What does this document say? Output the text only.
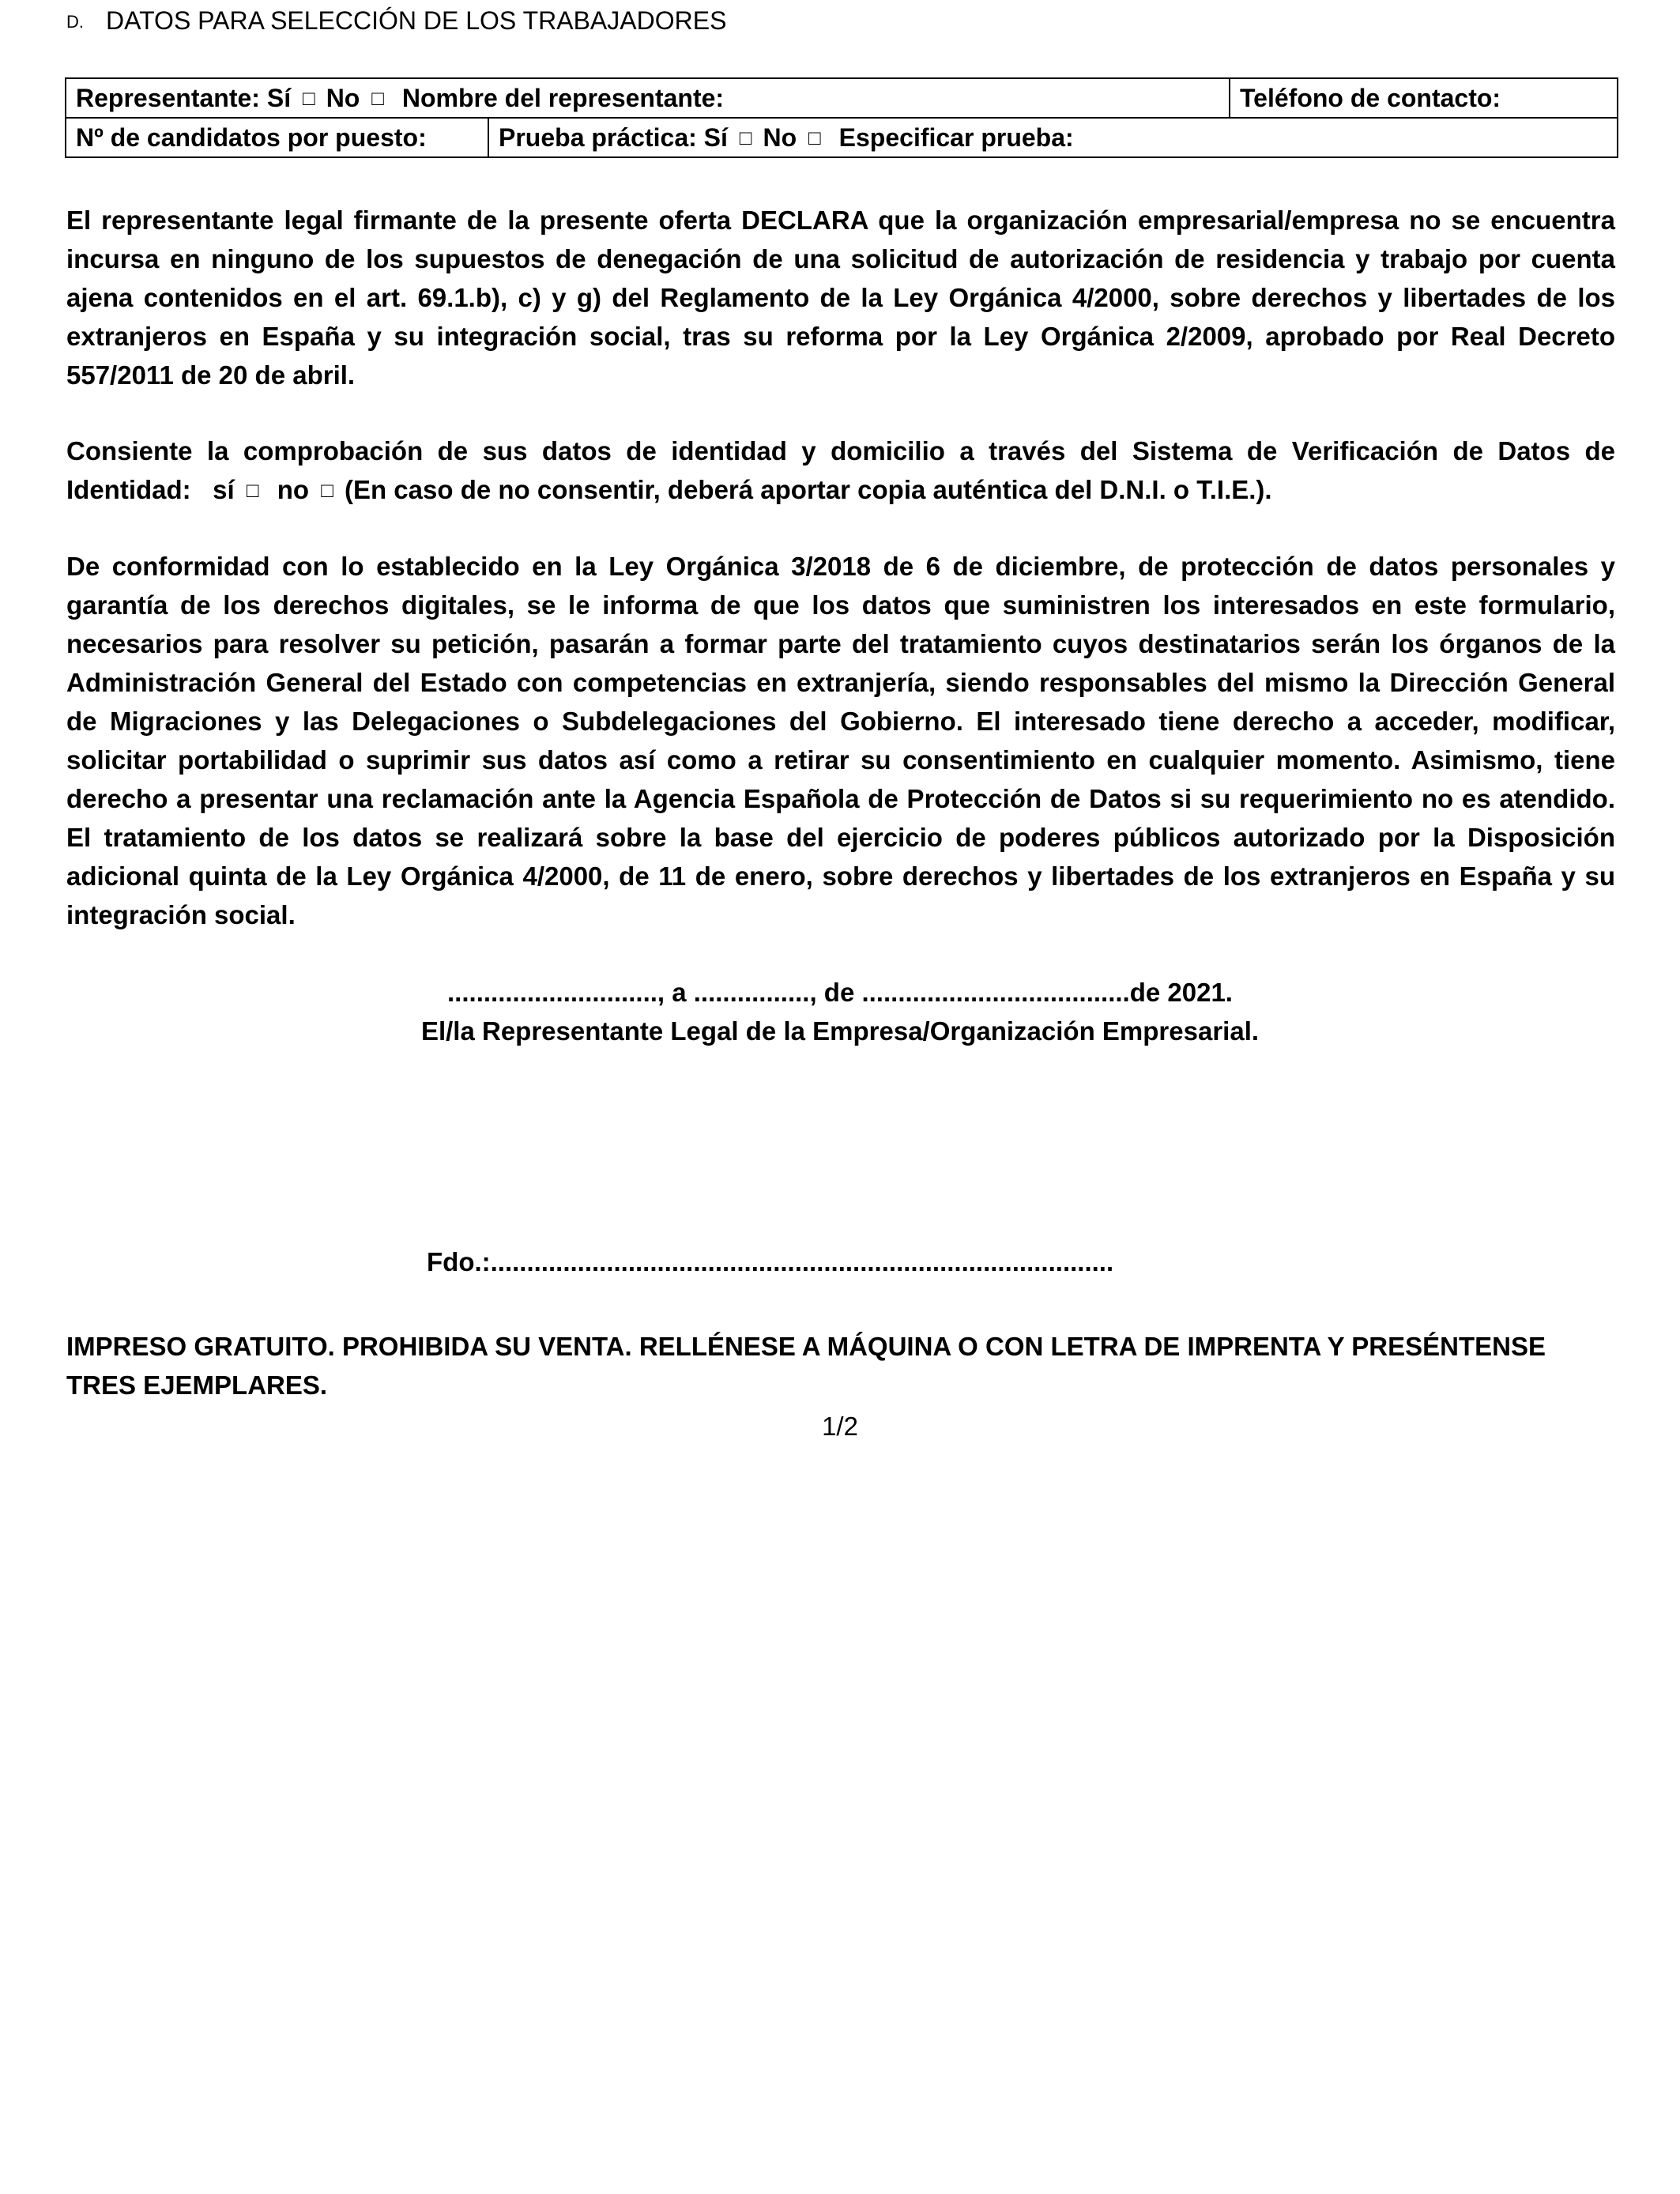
D. DATOS PARA SELECCIÓN DE LOS TRABAJADORES
Representante: Sí □ No □ Nombre del representante:		Teléfono de contacto:
Nº de candidatos por puesto:	Prueba práctica: Sí □ No □ Especificar prueba:	

El representante legal firmante de la presente oferta DECLARA que la organización empresarial/empresa no se encuentra incursa en ninguno de los supuestos de denegación de una solicitud de autorización de residencia y trabajo por cuenta ajena contenidos en el art. 69.1.b), c) y g) del Reglamento de la Ley Orgánica 4/2000, sobre derechos y libertades de los extranjeros en España y su integración social, tras su reforma por la Ley Orgánica 2/2009, aprobado por Real Decreto 557/2011 de 20 de abril.

Consiente la comprobación de sus datos de identidad y domicilio a través del Sistema de Verificación de Datos de Identidad: sí □ no □ (En caso de no consentir, deberá aportar copia auténtica del D.N.I. o T.I.E.).

De conformidad con lo establecido en la Ley Orgánica 3/2018 de 6 de diciembre, de protección de datos personales y garantía de los derechos digitales, se le informa de que los datos que suministren los interesados en este formulario, necesarios para resolver su petición, pasarán a formar parte del tratamiento cuyos destinatarios serán los órganos de la Administración General del Estado con competencias en extranjería, siendo responsables del mismo la Dirección General de Migraciones y las Delegaciones o Subdelegaciones del Gobierno. El interesado tiene derecho a acceder, modificar, solicitar portabilidad o suprimir sus datos así como a retirar su consentimiento en cualquier momento. Asimismo, tiene derecho a presentar una reclamación ante la Agencia Española de Protección de Datos si su requerimiento no es atendido. El tratamiento de los datos se realizará sobre la base del ejercicio de poderes públicos autorizado por la Disposición adicional quinta de la Ley Orgánica 4/2000, de 11 de enero, sobre derechos y libertades de los extranjeros en España y su integración social.

............................., a ................, de .....................................de 2021.
El/la Representante Legal de la Empresa/Organización Empresarial.
Fdo.:......................................................................................

IMPRESO GRATUITO. PROHIBIDA SU VENTA. RELLÉNESE A MÁQUINA O CON LETRA DE IMPRENTA Y PRESÉNTENSE TRES EJEMPLARES.

1/2
